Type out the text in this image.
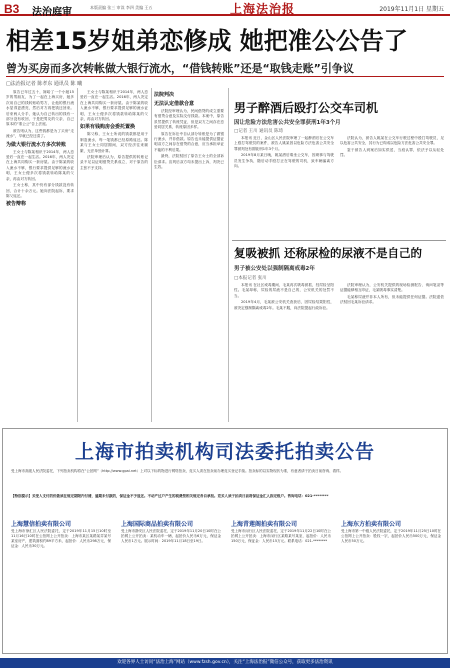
B3 法治庭审	本版责编 张三 审读 李四 美编 王五	上海法治报	2019年11月1日 星期五
相差15岁姐弟恋修成 她把准公公告了
曾为买房而多次转帐做大银行流水，“借钱转账”还是“取钱走账”引争议
□法治报记者 陈孝东 通讯员 陈 曦

原告已年过五十，嫁给了一个小她15岁的男朋友，为了一起在上海买房，她多次用自己的钱转账给男方，让他的银行流水显得更漂亮，然后对方再把钱还回来。后来两人分手，她认为自己转出的钱有一部分没有收回，于是把男友的父亲、自己原本的“准公公”告上法庭。

被告则认为，这些钱都是为了买房“走流水”，早就已经还清了。

为做大银行流水方多次转账

王女士与陈某相识于2014年，两人恋爱后一直在一起生活。2016年，两人决定在上海共同购买一套房屋。由于陈某的收入流水不够，银行要求提供足够的流水证明，王女士便多次将钱款转给陈某的父亲，再由对方转回。

王女士称，其中仍有部分钱款没有转回，合计十余万元。她向法院起诉，要求陈父返还。

被告辩称

王女士与陈某相识于2014年，两人恋爱后一直在一起生活。2016年，两人决定在上海共同购买一套房屋。由于陈某的收入流水不够，银行要求提供足够的流水证明，王女士便多次将钱款转给陈某的父亲，再由对方转回。

如果有钱购房会委托置换

陈父称，王女士所说的钱款都是用于制造流水，每一笔钱都已经原路返还。陈某与王女士同居期间，双方经济往来频繁，无法单独计算。

法院审理后认为，原告提供的转账记录不足以证明借贷关系成立，对于原告的主张不予支持。

法院判决
无法认定借款合意

法院经审理认为，民间借贷的成立需要有借贷合意及实际交付钱款。本案中，原告虽然提供了转账凭证，但是双方之间存在恋爱同居关系，转账原因多样。

原告在诉讼中自认部分转账是为了做银行流水，并非借款。原告也未能提供证据证明双方之间存在借贷的合意，应当承担举证不能的不利后果。

最终，法院驳回了原告王女士的全部诉讼请求。宣判后双方均未提出上诉，判决已生效。

男子醉酒后殴打公交车司机
因让危险方法危害公共安全罪获刑1年3个月
□记者 王川 通讯员 陈琦

本报讯 近日，金山区人民法院审理了一起醉酒后在公交车上殴打驾驶员的案件，被告人姚某因以危险方法危害公共安全罪被判处有期徒刑1年3个月。

2019年8月某日晚，姚某酒后乘坐公交车，因琐事与驾驶员发生争执，随后动手殴打正在驾驶的司机，致车辆偏离方向。

法院认为，被告人姚某在公交车行驶过程中殴打驾驶员，足以危害公共安全，其行为已构成以危险方法危害公共安全罪。

鉴于被告人到案后如实供述，当庭认罪，依法予以从轻处罚。

复吸被抓 还称尿检的尿液不是自己的
男子被公安处以强制隔离戒毒2年
□本报记者 张川

本报讯 在社区戒毒期间，毛某再次吸毒被抓，经尿检呈阳性。毛某却称，尿检的尿液不是自己的，公安机关的处罚不当。

2019年4月，毛某被公安机关查获后，因尿检结果阳性，被决定强制隔离戒毒2年。毛某不服，向法院提起行政诉讼。

法院审理认为，公安机关提供的现场检测报告、询问笔录等证据能够相互印证，毛某吸毒事实清楚。

毛某称尿液并非本人所有，但未能提供任何证据。法院遂依法驳回毛某诉讼请求。

上海市拍卖机构司法委托拍卖公告
受上海市高级人民法院委托，下列拍卖机构将在“公拍网”（http://www.gpai.net）上对以下标的物进行网络拍卖，竞买人须在拍卖前办理竞买登记手续。拍卖标的以实物现状为准，有意者请于拍卖日前咨询、看样。
【特别提示】买受人支付的价款须在规定期限内付清，逾期未付款的，保证金不予退还。不动产过户产生的税费按相关规定各自承担。竞买人须于拍卖日前将保证金汇入指定账户。咨询电话：021-********
上海慧信拍卖有限公司
受上海市徐汇区人民法院委托，定于2019年11月15日10时至11月16日10时在公拍网上公开拍卖：上海市某区某路某弄某号某室房产，建筑面积约89平方米，起拍价：人民币298万元，保证金：人民币30万元。
上海国际商品拍卖有限公司
受上海市静安区人民法院委托，定于2019年11月20日10时在公拍网上公开拍卖：某机动车一辆，起拍价人民币6万元，保证金人民币1万元。展示时间：2019年11月18日至19日。
上海青莲阁拍卖有限公司
受上海市闵行区人民法院委托，定于2019年11月22日10时在公拍网上公开拍卖：上海市闵行区某路某号某室，起拍价：人民币150万元，保证金：人民币15万元。联系电话：021-********
上海东方拍卖有限公司
受上海市第一中级人民法院委托，定于2019年11月25日10时在公拍网上公开拍卖：股权一宗，起拍价人民币500万元，保证金人民币50万元。
欢迎各界人士访问“法治上海”网站（www.fzsh.gov.cn），关注“上海法治报”微信公众号，获取更多法治资讯
